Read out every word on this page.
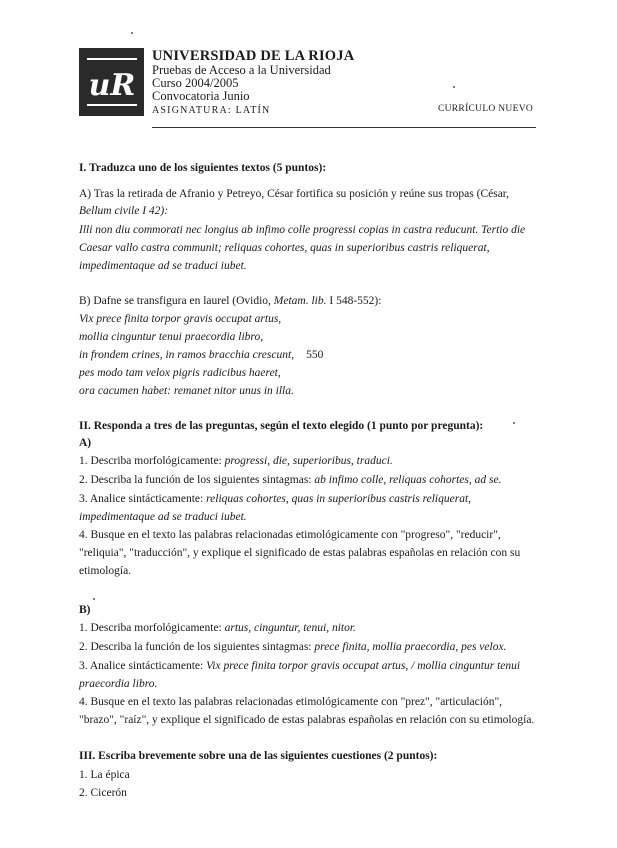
uR
UNIVERSIDAD DE LA RIOJA
Pruebas de Acceso a la Universidad
Curso 2004/2005
Convocatoria Junio
ASIGNATURA: LATÍN	CURRÍCULO NUEVO
I. Traduzca uno de los siguientes textos (5 puntos):
A) Tras la retirada de Afranio y Petreyo, César fortifica su posición y reúne sus tropas (César,
Bellum civile I 42):
Illi non diu commorati nec longius ab infimo colle progressi copias in castra reducunt. Tertio die
Caesar vallo castra communit; reliquas cohortes, quas in superioribus castris reliquerat,
impedimentaque ad se traduci iubet.
B) Dafne se transfigura en laurel (Ovidio, Metam. lib. I 548-552):
Vix prece finita torpor gravis occupat artus,
mollia cinguntur tenui praecordia libro,
in frondem crines, in ramos bracchia crescunt, 550
pes modo tam velox pigris radicibus haeret,
ora cacumen habet: remanet nitor unus in illa.
II. Responda a tres de las preguntas, según el texto elegido (1 punto por pregunta):
A)
1. Describa morfológicamente: progressi, die, superioribus, traduci.
2. Describa la función de los siguientes sintagmas: ab infimo colle, reliquas cohortes, ad se.
3. Analice sintácticamente: reliquas cohortes, quas in superioribus castris reliquerat,
impedimentaque ad se traduci iubet.
4. Busque en el texto las palabras relacionadas etimológicamente con "progreso", "reducir",
"reliquia", "traducción", y explique el significado de estas palabras españolas en relación con su
etimología.
B)
1. Describa morfológicamente: artus, cinguntur, tenui, nitor.
2. Describa la función de los siguientes sintagmas: prece finita, mollia praecordia, pes velox.
3. Analice sintácticamente: Vix prece finita torpor gravis occupat artus, / mollia cinguntur tenui
praecordia libro.
4. Busque en el texto las palabras relacionadas etimológicamente con "prez", "articulación",
"brazo", "raíz", y explique el significado de estas palabras españolas en relación con su etimología.
III. Escriba brevemente sobre una de las siguientes cuestiones (2 puntos):
1. La épica
2. Cicerón
